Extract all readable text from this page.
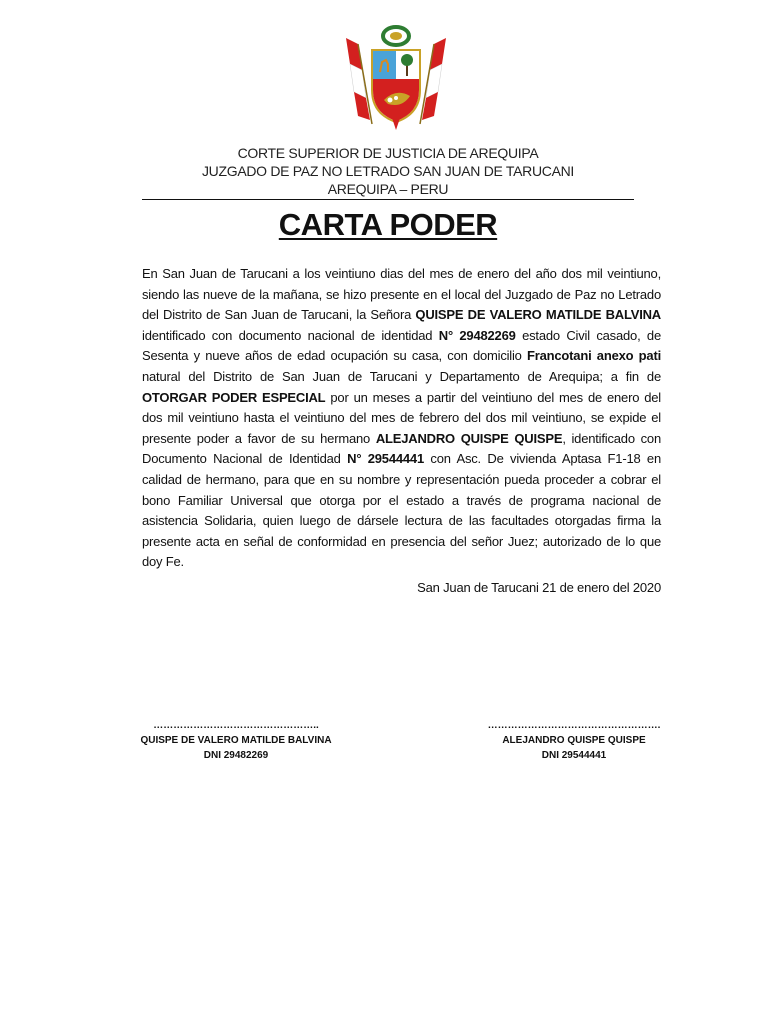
CORTE SUPERIOR DE JUSTICIA DE AREQUIPA
JUZGADO DE PAZ NO LETRADO SAN JUAN DE TARUCANI
AREQUIPA – PERU
CARTA PODER
En San Juan de Tarucani a los veintiuno dias del mes de enero del año dos mil veintiuno, siendo las nueve de la mañana, se hizo presente en el local del Juzgado de Paz no Letrado del Distrito de San Juan de Tarucani, la Señora QUISPE DE VALERO MATILDE BALVINA identificado con documento nacional de identidad N° 29482269 estado Civil casado, de Sesenta y nueve años de edad ocupación su casa, con domicilio Francotani anexo pati natural del Distrito de San Juan de Tarucani y Departamento de Arequipa; a fin de OTORGAR PODER ESPECIAL por un meses a partir del veintiuno del mes de enero del dos mil veintiuno hasta el veintiuno del mes de febrero del dos mil veintiuno, se expide el presente poder a favor de su hermano ALEJANDRO QUISPE QUISPE, identificado con Documento Nacional de Identidad N° 29544441 con Asc. De vivienda Aptasa F1-18 en calidad de hermano, para que en su nombre y representación pueda proceder a cobrar el bono Familiar Universal que otorga por el estado a través de programa nacional de asistencia Solidaria, quien luego de dársele lectura de las facultades otorgadas firma la presente acta en señal de conformidad en presencia del señor Juez; autorizado de lo que doy Fe.
San Juan de Tarucani 21 de enero del 2020
…………………………………………..
QUISPE DE VALERO MATILDE BALVINA
DNI 29482269
…………………………………………….
ALEJANDRO QUISPE QUISPE
DNI 29544441
